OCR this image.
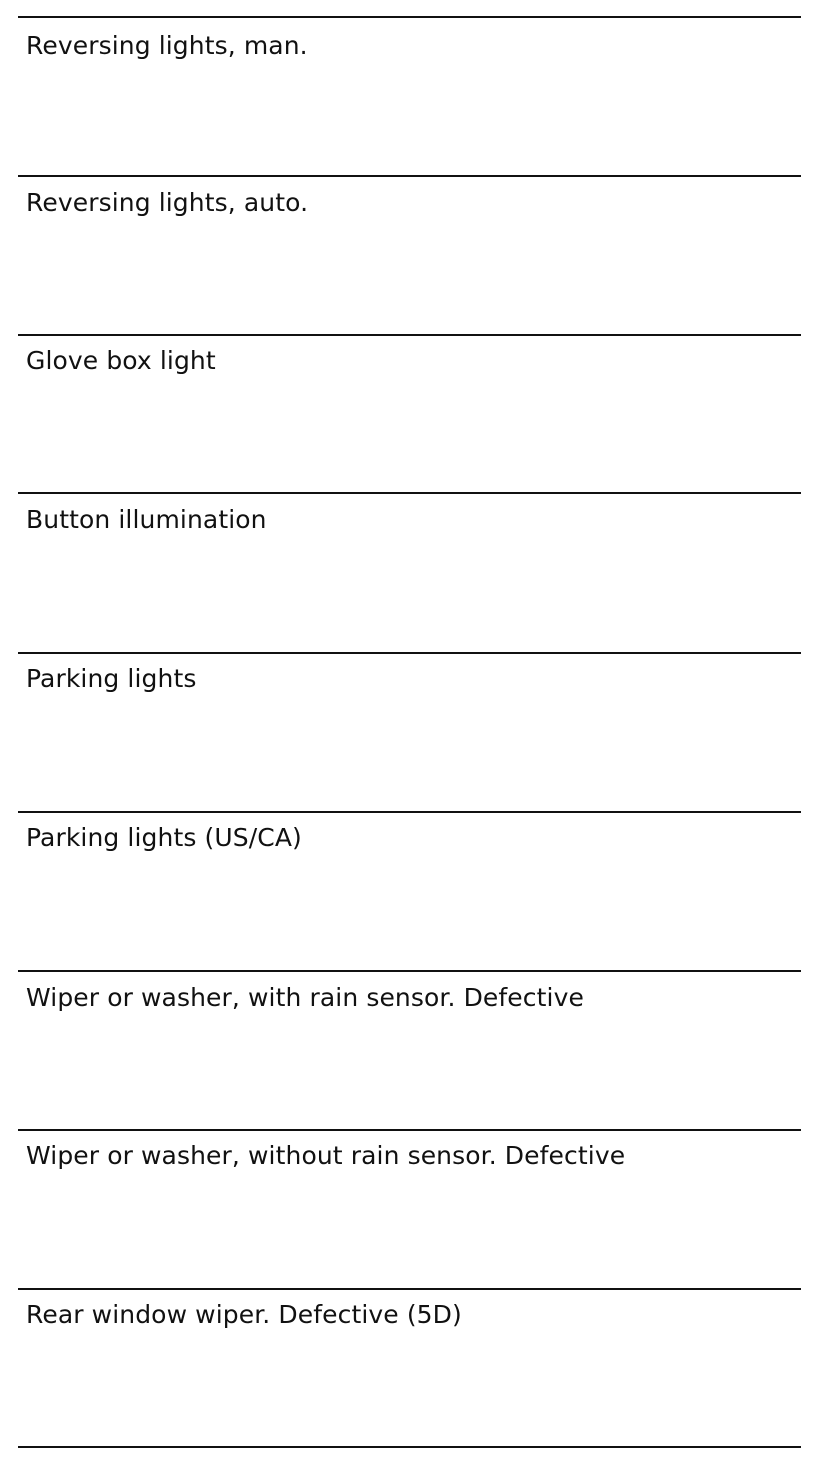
Reversing lights, man.
Reversing lights, auto.
Glove box light
Button illumination
Parking lights
Parking lights (US/CA)
Wiper or washer, with rain sensor. Defective
Wiper or washer, without rain sensor. Defective
Rear window wiper. Defective (5D)
